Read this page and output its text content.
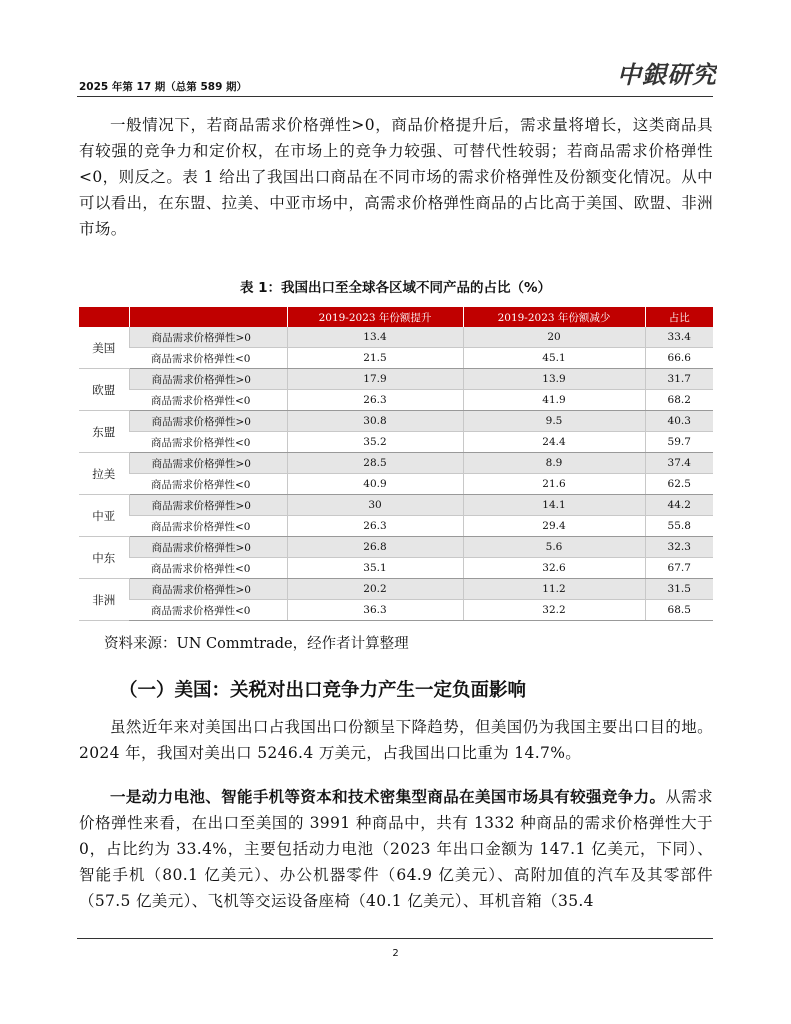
2025 年第 17 期（总第 589 期）	中銀研究

一般情况下，若商品需求价格弹性>0，商品价格提升后，需求量将增长，这类商品具有较强的竞争力和定价权，在市场上的竞争力较强、可替代性较弱；若商品需求价格弹性<0，则反之。表 1 给出了我国出口商品在不同市场的需求价格弹性及份额变化情况。从中可以看出，在东盟、拉美、中亚市场中，高需求价格弹性商品的占比高于美国、欧盟、非洲市场。

表 1：我国出口至全球各区域不同产品的占比（%）
		2019-2023 年份额提升	2019-2023 年份额减少	占比
美国	商品需求价格弹性>0	13.4	20	33.4
	商品需求价格弹性<0	21.5	45.1	66.6
欧盟	商品需求价格弹性>0	17.9	13.9	31.7
	商品需求价格弹性<0	26.3	41.9	68.2
东盟	商品需求价格弹性>0	30.8	9.5	40.3
	商品需求价格弹性<0	35.2	24.4	59.7
拉美	商品需求价格弹性>0	28.5	8.9	37.4
	商品需求价格弹性<0	40.9	21.6	62.5
中亚	商品需求价格弹性>0	30	14.1	44.2
	商品需求价格弹性<0	26.3	29.4	55.8
中东	商品需求价格弹性>0	26.8	5.6	32.3
	商品需求价格弹性<0	35.1	32.6	67.7
非洲	商品需求价格弹性>0	20.2	11.2	31.5
	商品需求价格弹性<0	36.3	32.2	68.5
资料来源：UN Commtrade，经作者计算整理
（一）美国：关税对出口竞争力产生一定负面影响

虽然近年来对美国出口占我国出口份额呈下降趋势，但美国仍为我国主要出口目的地。2024 年，我国对美出口 5246.4 万美元，占我国出口比重为 14.7%。

一是动力电池、智能手机等资本和技术密集型商品在美国市场具有较强竞争力。从需求价格弹性来看，在出口至美国的 3991 种商品中，共有 1332 种商品的需求价格弹性大于 0，占比约为 33.4%，主要包括动力电池（2023 年出口金额为 147.1 亿美元，下同）、智能手机（80.1 亿美元）、办公机器零件（64.9 亿美元）、高附加值的汽车及其零部件（57.5 亿美元）、飞机等交运设备座椅（40.1 亿美元）、耳机音箱（35.4

2
